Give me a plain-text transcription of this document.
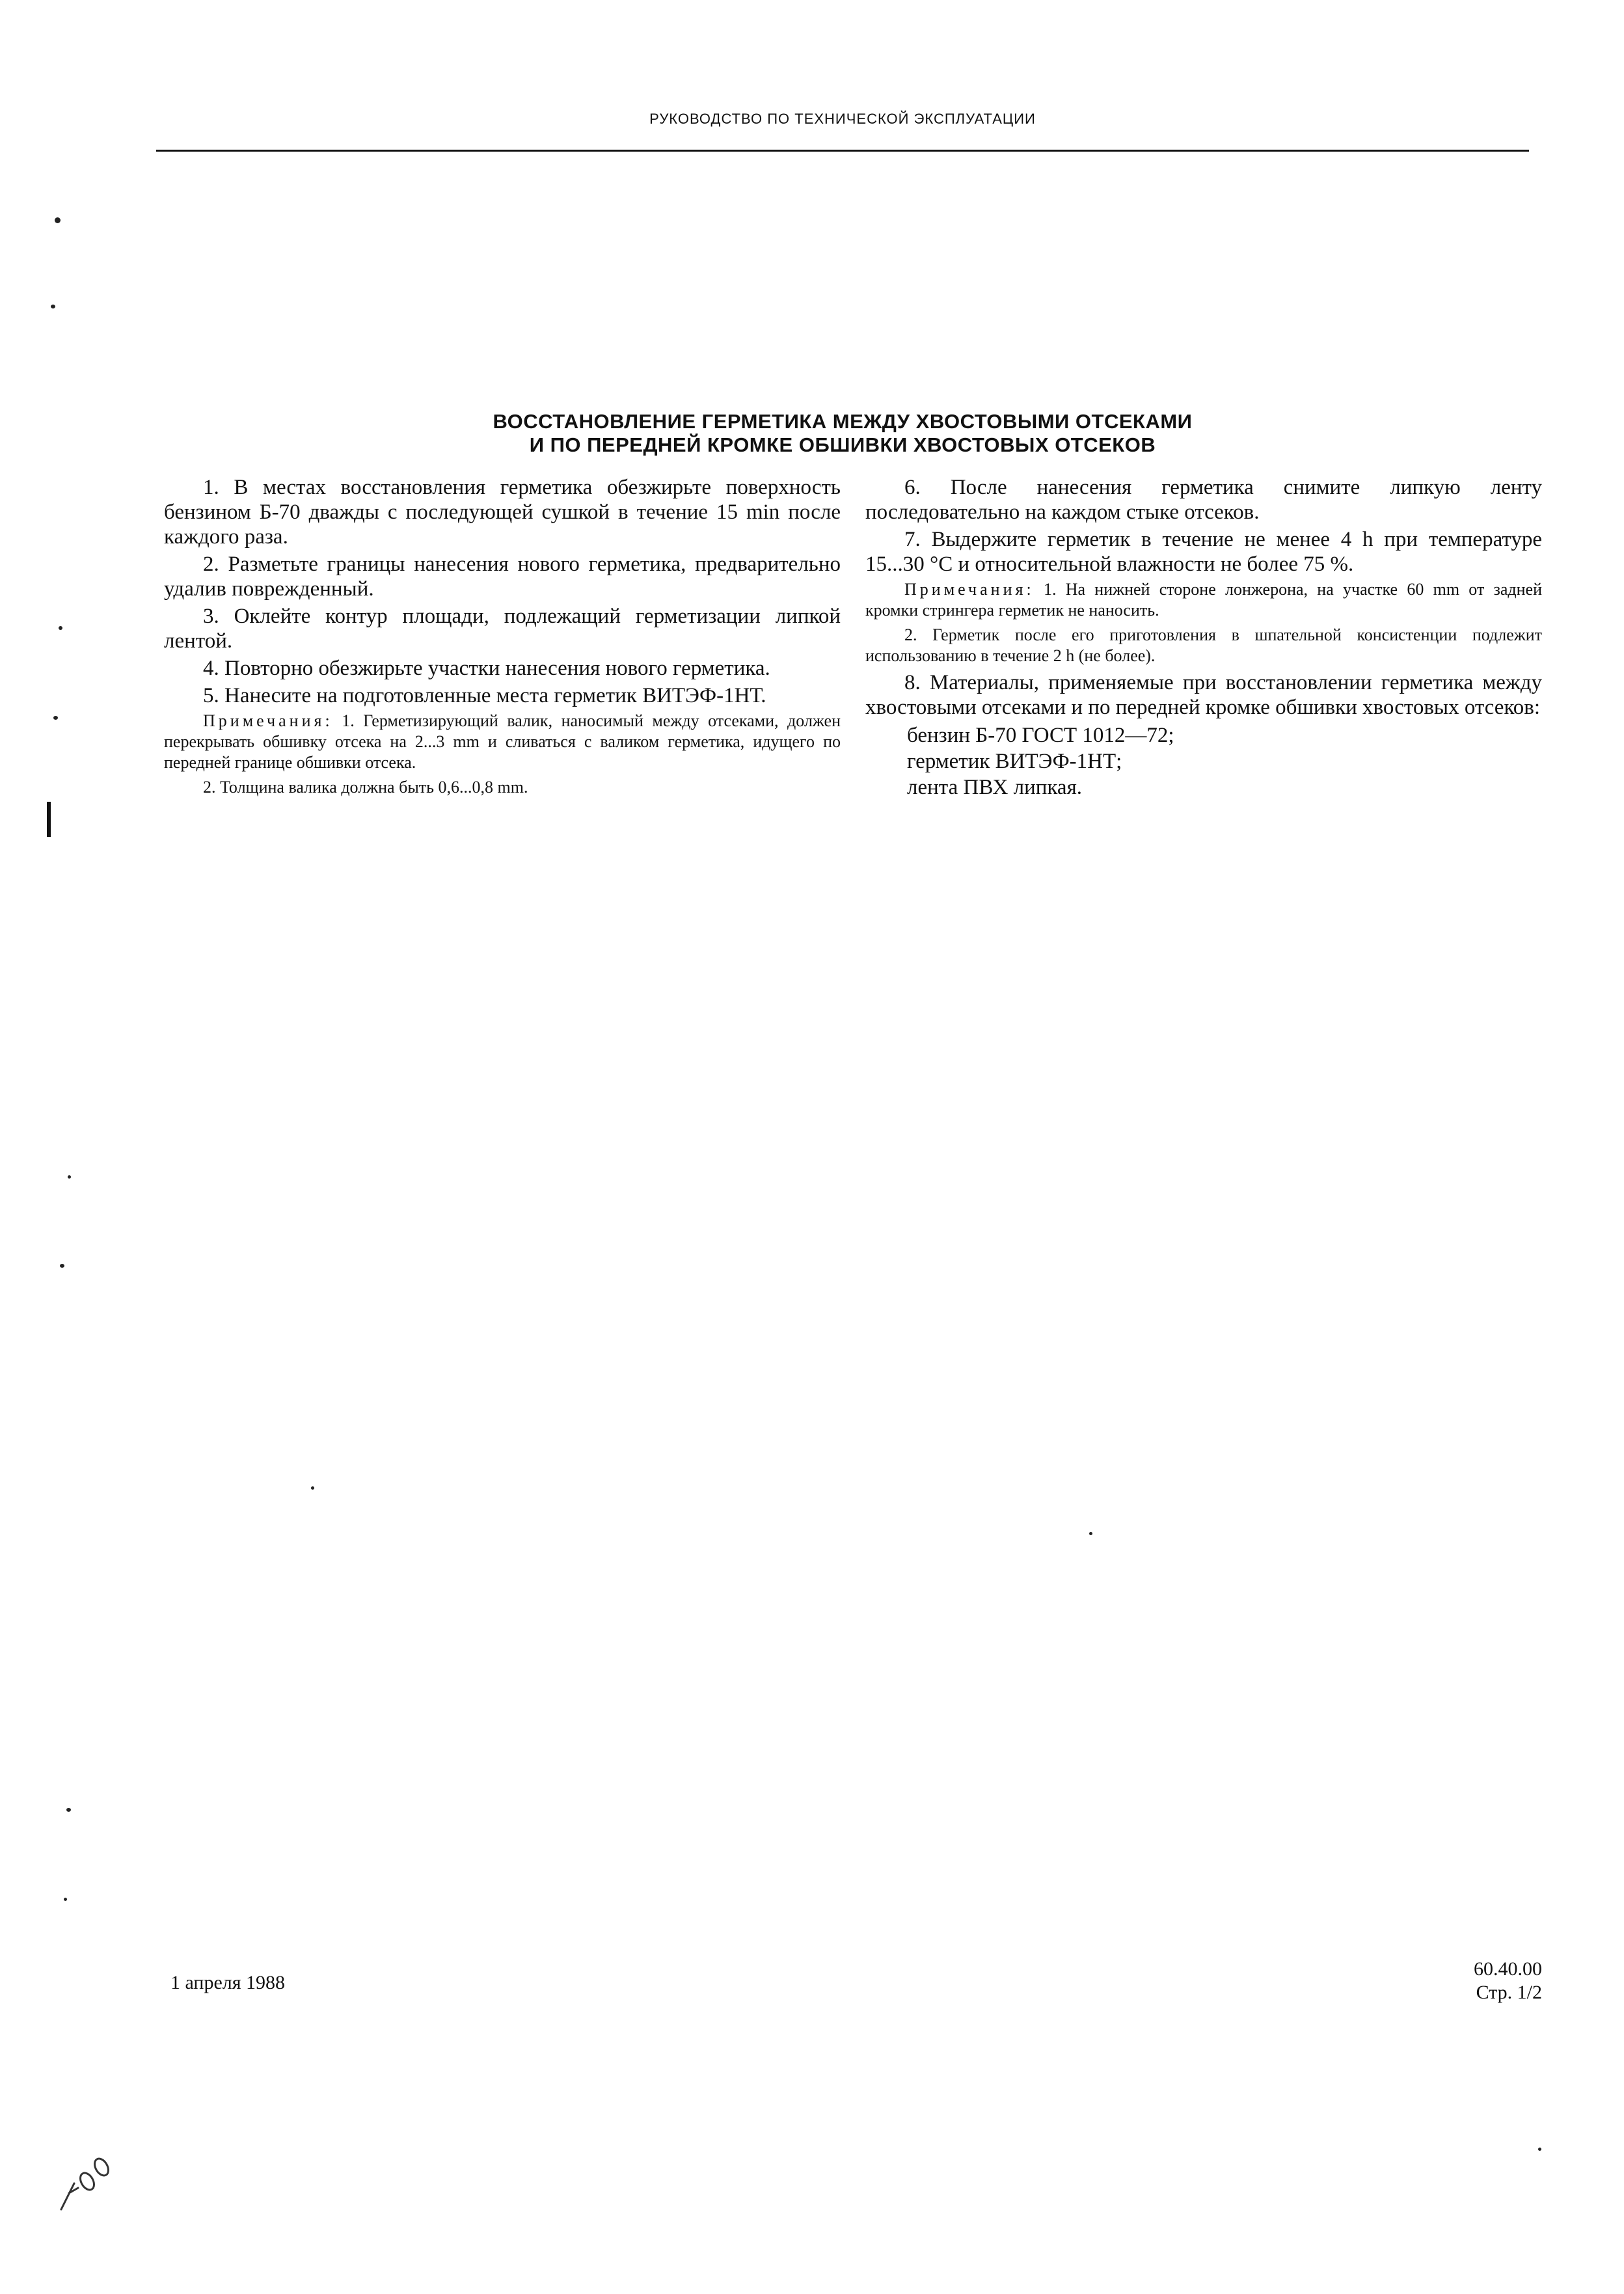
РУКОВОДСТВО ПО ТЕХНИЧЕСКОЙ ЭКСПЛУАТАЦИИ
ВОССТАНОВЛЕНИЕ ГЕРМЕТИКА МЕЖДУ ХВОСТОВЫМИ ОТСЕКАМИ
И ПО ПЕРЕДНЕЙ КРОМКЕ ОБШИВКИ ХВОСТОВЫХ ОТСЕКОВ

1. В местах восстановления герметика обезжирьте поверхность бензином Б-70 дважды с последующей сушкой в течение 15 min после каждого раза.

2. Разметьте границы нанесения нового герметика, предварительно удалив поврежденный.

3. Оклейте контур площади, подлежащий герметизации липкой лентой.

4. Повторно обезжирьте участки нанесения нового герметика.

5. Нанесите на подготовленные места герметик ВИТЭФ-1НТ.

Примечания: 1. Герметизирующий валик, наносимый между отсеками, должен перекрывать обшивку отсека на 2...3 mm и сливаться с валиком герметика, идущего по передней границе обшивки отсека.

2. Толщина валика должна быть 0,6...0,8 mm.

6. После нанесения герметика снимите липкую ленту последовательно на каждом стыке отсеков.

7. Выдержите герметик в течение не менее 4 h при температуре 15...30 °C и относительной влажности не более 75 %.

Примечания: 1. На нижней стороне лонжерона, на участке 60 mm от задней кромки стрингера герметик не наносить.

2. Герметик после его приготовления в шпательной консистенции подлежит использованию в течение 2 h (не более).

8. Материалы, применяемые при восстановлении герметика между хвостовыми отсеками и по передней кромке обшивки хвостовых отсеков:

бензин Б-70 ГОСТ 1012—72;

герметик ВИТЭФ-1НТ;

лента ПВХ липкая.

1 апреля 1988
60.40.00
Стр. 1/2
